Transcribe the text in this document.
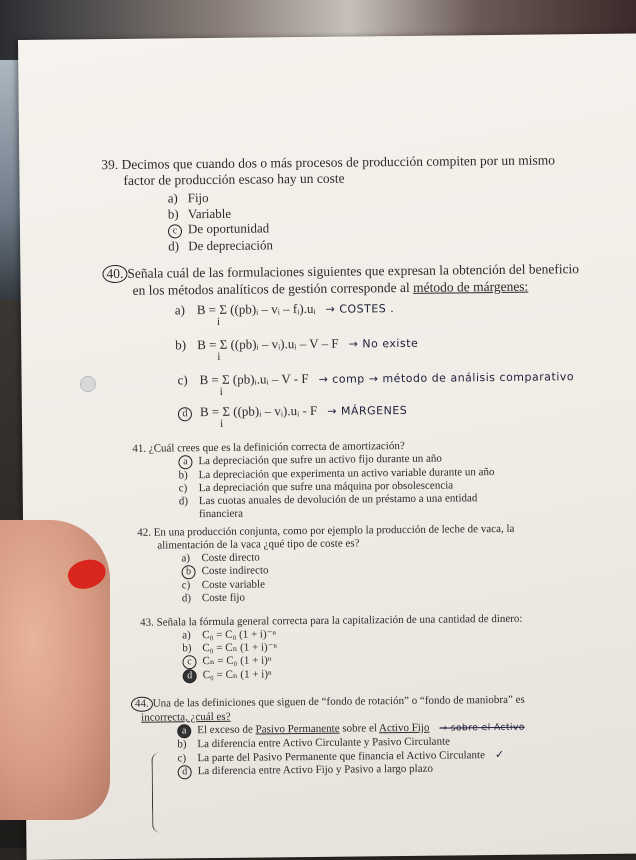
39. Decimos que cuando dos o más procesos de producción compiten por un mismo
factor de producción escaso hay un coste
a) Fijo
b) Variable
c De oportunidad
d) De depreciación
40. Señala cuál de las formulaciones siguientes que expresan la obtención del beneficio
en los métodos analíticos de gestión corresponde al método de márgenes:
a) B = Σ ((pb)ᵢ – vᵢ – fᵢ).uᵢ → COSTES .
i
b) B = Σ ((pb)ᵢ – vᵢ).uᵢ – V – F → No existe
i
c) B = Σ (pb)ᵢ.uᵢ – V - F → comp → método de análisis comparativo
i
d B = Σ ((pb)ᵢ – vᵢ).uᵢ - F → MÁRGENES
i
41. ¿Cuál crees que es la definición correcta de amortización?
a La depreciación que sufre un activo fijo durante un año
b) La depreciación que experimenta un activo variable durante un año
c) La depreciación que sufre una máquina por obsolescencia
d) Las cuotas anuales de devolución de un préstamo a una entidad
financiera
42. En una producción conjunta, como por ejemplo la producción de leche de vaca, la
alimentación de la vaca ¿qué tipo de coste es?
a) Coste directo
b Coste indirecto
c) Coste variable
d) Coste fijo
43. Señala la fórmula general correcta para la capitalización de una cantidad de dinero:
a) C₀ = C₀ (1 + i)⁻ⁿ
b) C₀ = Cₙ (1 + i)⁻ⁿ
c Cₙ = C₀ (1 + i)ⁿ
d C₀ = Cₙ (1 + i)ⁿ
44. Una de las definiciones que siguen de “fondo de rotación” o “fondo de maniobra” es
incorrecta, ¿cuál es?
a El exceso de Pasivo Permanente sobre el Activo Fijo → sobre el Activo
b) La diferencia entre Activo Circulante y Pasivo Circulante
c) La parte del Pasivo Permanente que financia el Activo Circulante ✓
d La diferencia entre Activo Fijo y Pasivo a largo plazo
